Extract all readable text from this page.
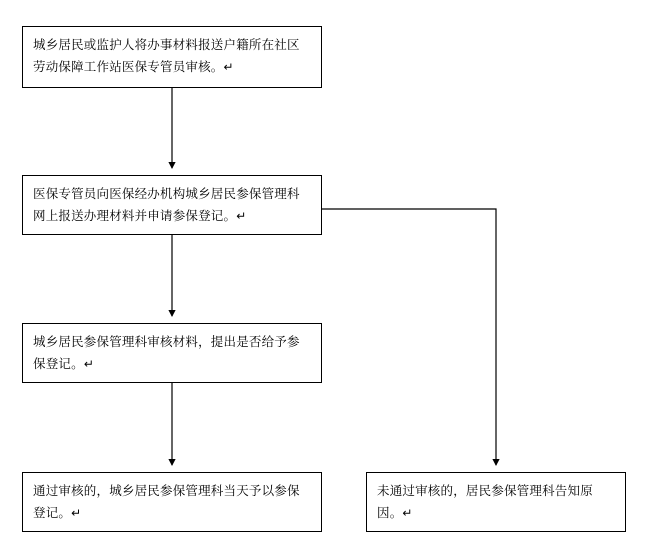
城乡居民或监护人将办事材料报送户籍所在社区劳动保障工作站医保专管员审核。↵
医保专管员向医保经办机构城乡居民参保管理科网上报送办理材料并申请参保登记。↵
城乡居民参保管理科审核材料，提出是否给予参保登记。↵
通过审核的，城乡居民参保管理科当天予以参保登记。↵
未通过审核的，居民参保管理科告知原因。↵
